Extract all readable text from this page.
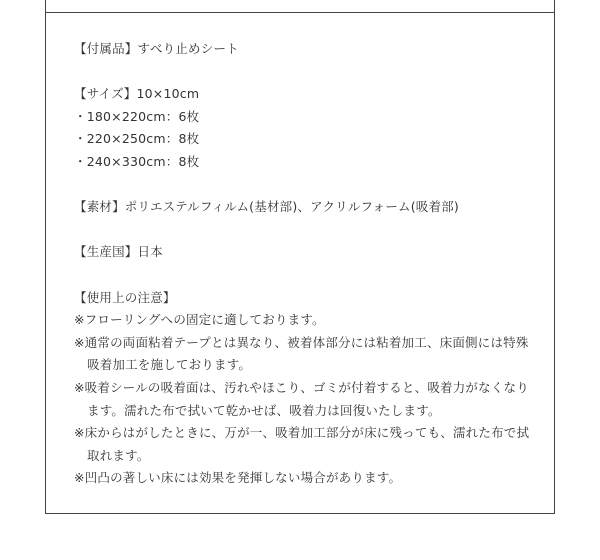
【付属品】すべり止めシート
【サイズ】10×10cm
・180×220cm：6枚
・220×250cm：8枚
・240×330cm：8枚
【素材】ポリエステルフィルム(基材部)、アクリルフォーム(吸着部)
【生産国】日本
【使用上の注意】
※フローリングへの固定に適しております。
※通常の両面粘着テープとは異なり、被着体部分には粘着加工、床面側には特殊吸着加工を施しております。
※吸着シールの吸着面は、汚れやほこり、ゴミが付着すると、吸着力がなくなります。濡れた布で拭いて乾かせば、吸着力は回復いたします。
※床からはがしたときに、万が一、吸着加工部分が床に残っても、濡れた布で拭取れます。
※凹凸の著しい床には効果を発揮しない場合があります。
